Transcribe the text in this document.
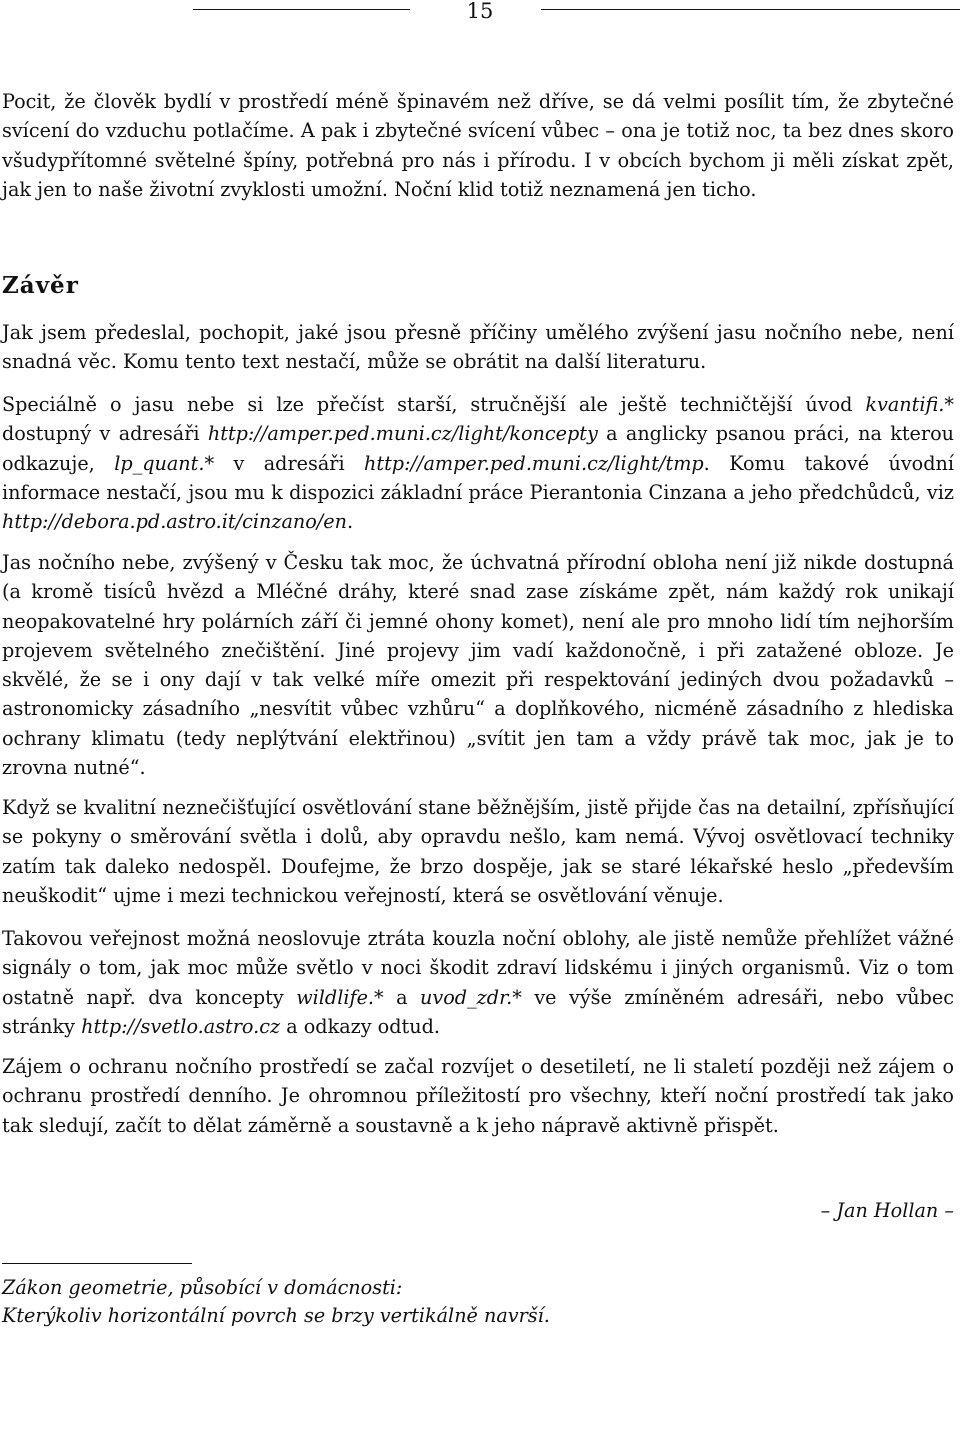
15

Pocit, že člověk bydlí v prostředí méně špinavém než dříve, se dá velmi posílit tím, že zbytečné svícení do vzduchu potlačíme. A pak i zbytečné svícení vůbec – ona je totiž noc, ta bez dnes skoro všudypřítomné světelné špíny, potřebná pro nás i přírodu. I v obcích bychom ji měli získat zpět, jak jen to naše životní zvyklosti umožní. Noční klid totiž neznamená jen ticho.

Závěr

Jak jsem předeslal, pochopit, jaké jsou přesně příčiny umělého zvýšení jasu nočního nebe, není snadná věc. Komu tento text nestačí, může se obrátit na další literaturu.

Speciálně o jasu nebe si lze přečíst starší, stručnější ale ještě techničtější úvod kvantifi.* dostupný v adresáři http://amper.ped.muni.cz/light/koncepty a anglicky psanou práci, na kterou odkazuje, lp_quant.* v adresáři http://amper.ped.muni.cz/light/tmp. Komu takové úvodní informace nestačí, jsou mu k dispozici základní práce Pierantonia Cinzana a jeho předchůdců, viz http://debora.pd.astro.it/cinzano/en.

Jas nočního nebe, zvýšený v Česku tak moc, že úchvatná přírodní obloha není již nikde dostupná (a kromě tisíců hvězd a Mléčné dráhy, které snad zase získáme zpět, nám každý rok unikají neopakovatelné hry polárních září či jemné ohony komet), není ale pro mnoho lidí tím nejhorším projevem světelného znečištění. Jiné projevy jim vadí každonočně, i při zatažené obloze. Je skvělé, že se i ony dají v tak velké míře omezit při respektování jediných dvou požadavků – astronomicky zásadního „nesvítit vůbec vzhůru“ a doplňkového, nicméně zásadního z hlediska ochrany klimatu (tedy neplýtvání elektřinou) „svítit jen tam a vždy právě tak moc, jak je to zrovna nutné“.

Když se kvalitní neznečišťující osvětlování stane běžnějším, jistě přijde čas na detailní, zpřísňující se pokyny o směrování světla i dolů, aby opravdu nešlo, kam nemá. Vývoj osvětlovací techniky zatím tak daleko nedospěl. Doufejme, že brzo dospěje, jak se staré lékařské heslo „především neuškodit“ ujme i mezi technickou veřejností, která se osvětlování věnuje.

Takovou veřejnost možná neoslovuje ztráta kouzla noční oblohy, ale jistě nemůže přehlížet vážné signály o tom, jak moc může světlo v noci škodit zdraví lidskému i jiných organismů. Viz o tom ostatně např. dva koncepty wildlife.* a uvod_zdr.* ve výše zmíněném adresáři, nebo vůbec stránky http://svetlo.astro.cz a odkazy odtud.

Zájem o ochranu nočního prostředí se začal rozvíjet o desetiletí, ne li staletí později než zájem o ochranu prostředí denního. Je ohromnou příležitostí pro všechny, kteří noční prostředí tak jako tak sledují, začít to dělat záměrně a soustavně a k jeho nápravě aktivně přispět.

– Jan Hollan –

Zákon geometrie, působící v domácnosti:
Kterýkoliv horizontální povrch se brzy vertikálně navrší.
